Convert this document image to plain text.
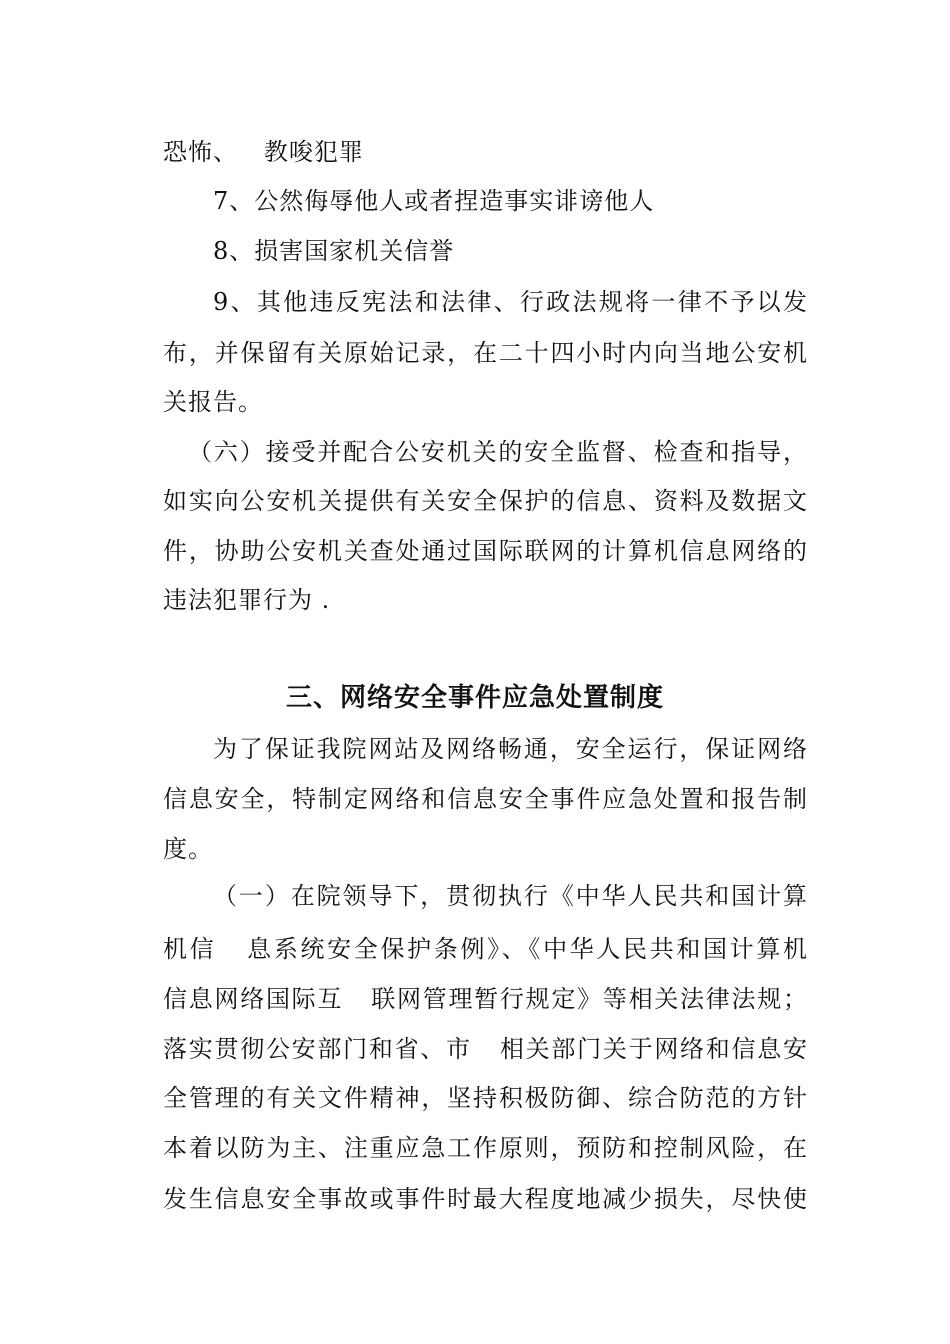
恐怖、   教唆犯罪
7、公然侮辱他人或者捏造事实诽谤他人
8、损害国家机关信誉
9、其他违反宪法和法律、行政法规将一律不予以发
布，并保留有关原始记录，在二十四小时内向当地公安机
关报告。
（六）接受并配合公安机关的安全监督、检查和指导，
如实向公安机关提供有关安全保护的信息、资料及数据文
件，协助公安机关查处通过国际联网的计算机信息网络的
违法犯罪行为 .
三、网络安全事件应急处置制度
为了保证我院网站及网络畅通，安全运行，保证网络
信息安全，特制定网络和信息安全事件应急处置和报告制
度。
（一）在院领导下，贯彻执行《中华人民共和国计算
机信   息系统安全保护条例》、《中华人民共和国计算机
信息网络国际互   联网管理暂行规定》等相关法律法规；
落实贯彻公安部门和省、市   相关部门关于网络和信息安
全管理的有关文件精神，坚持积极防御、综合防范的方针
本着以防为主、注重应急工作原则，预防和控制风险，在
发生信息安全事故或事件时最大程度地减少损失，尽快使
